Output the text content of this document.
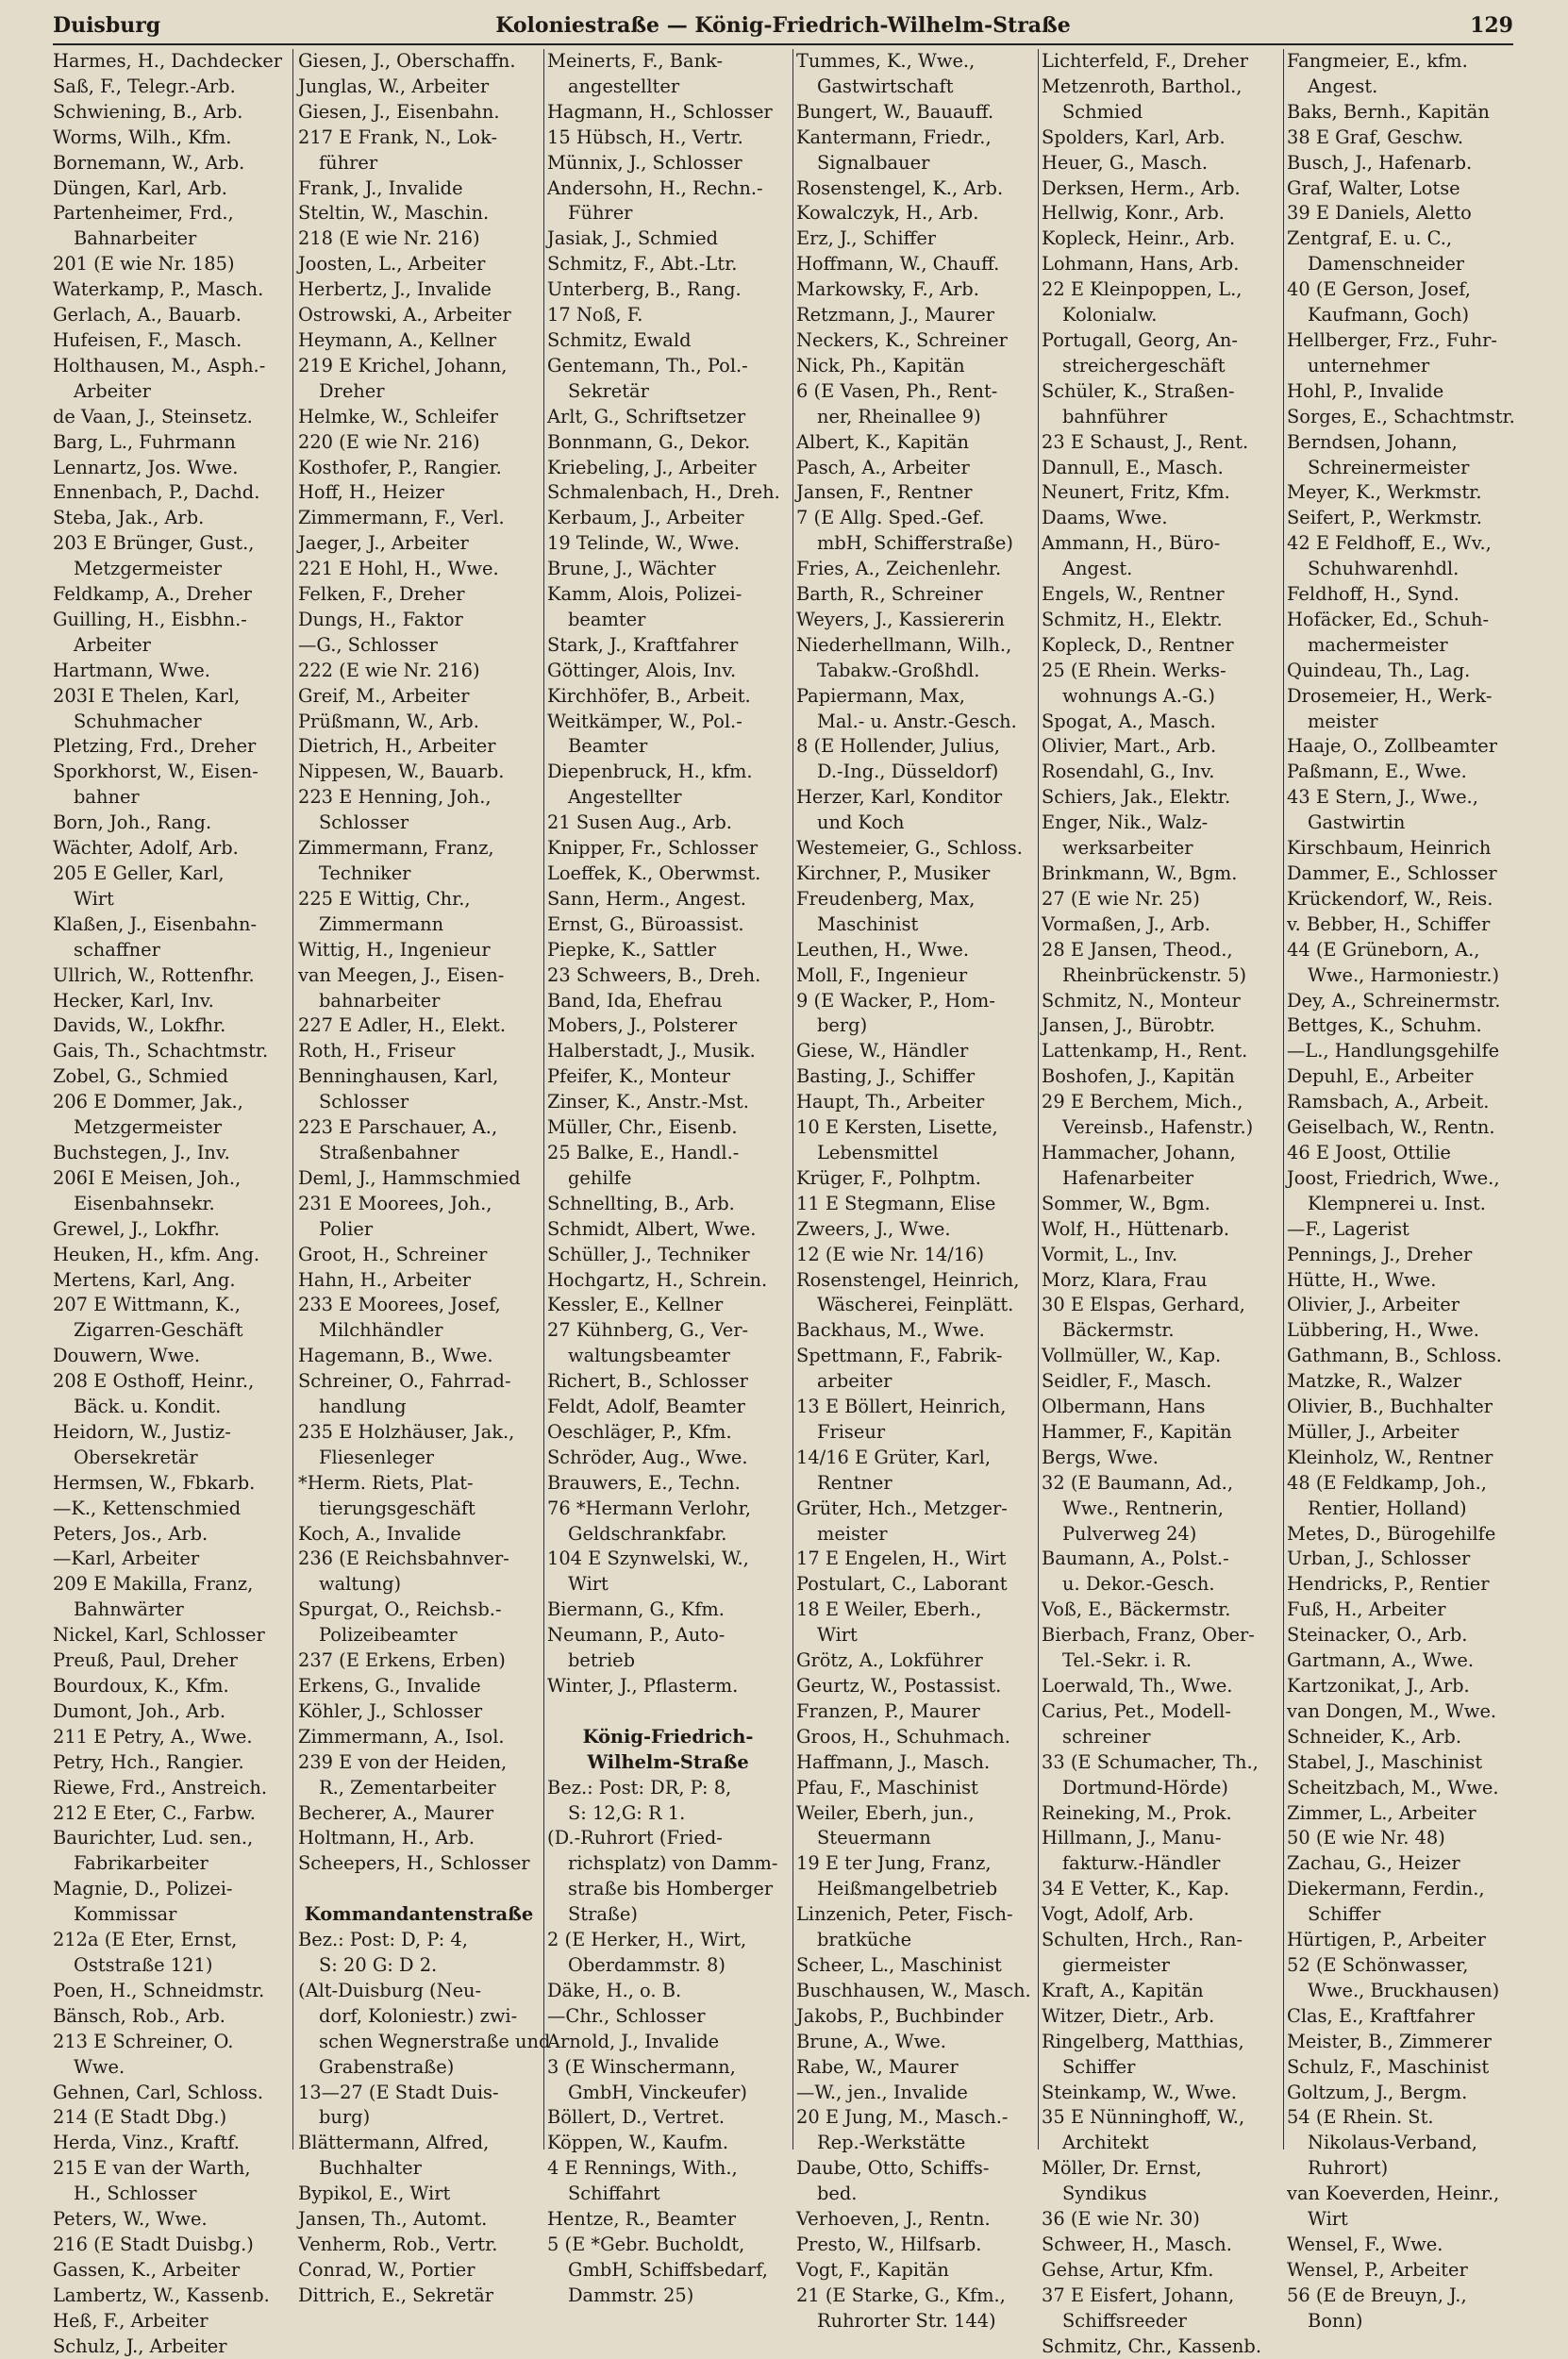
Duisburg	Koloniestraße — König-Friedrich-Wilhelm-Straße	129
Harmes, H., Dachdecker
Saß, F., Telegr.-Arb.
Schwiening, B., Arb.
Worms, Wilh., Kfm.
Bornemann, W., Arb.
Düngen, Karl, Arb.
Partenheimer, Frd.,
Bahnarbeiter
201 (E wie Nr. 185)
Waterkamp, P., Masch.
Gerlach, A., Bauarb.
Hufeisen, F., Masch.
Holthausen, M., Asph.-
Arbeiter
de Vaan, J., Steinsetz.
Barg, L., Fuhrmann
Lennartz, Jos. Wwe.
Ennenbach, P., Dachd.
Steba, Jak., Arb.
203 E Brünger, Gust.,
Metzgermeister
Feldkamp, A., Dreher
Guilling, H., Eisbhn.-
Arbeiter
Hartmann, Wwe.
203I E Thelen, Karl,
Schuhmacher
Pletzing, Frd., Dreher
Sporkhorst, W., Eisen-
bahner
Born, Joh., Rang.
Wächter, Adolf, Arb.
205 E Geller, Karl,
Wirt
Klaßen, J., Eisenbahn-
schaffner
Ullrich, W., Rottenfhr.
Hecker, Karl, Inv.
Davids, W., Lokfhr.
Gais, Th., Schachtmstr.
Zobel, G., Schmied
206 E Dommer, Jak.,
Metzgermeister
Buchstegen, J., Inv.
206I E Meisen, Joh.,
Eisenbahnsekr.
Grewel, J., Lokfhr.
Heuken, H., kfm. Ang.
Mertens, Karl, Ang.
207 E Wittmann, K.,
Zigarren-Geschäft
Douwern, Wwe.
208 E Osthoff, Heinr.,
Bäck. u. Kondit.
Heidorn, W., Justiz-
Obersekretär
Hermsen, W., Fbkarb.
—K., Kettenschmied
Peters, Jos., Arb.
—Karl, Arbeiter
209 E Makilla, Franz,
Bahnwärter
Nickel, Karl, Schlosser
Preuß, Paul, Dreher
Bourdoux, K., Kfm.
Dumont, Joh., Arb.
211 E Petry, A., Wwe.
Petry, Hch., Rangier.
Riewe, Frd., Anstreich.
212 E Eter, C., Farbw.
Baurichter, Lud. sen.,
Fabrikarbeiter
Magnie, D., Polizei-
Kommissar
212a (E Eter, Ernst,
Oststraße 121)
Poen, H., Schneidmstr.
Bänsch, Rob., Arb.
213 E Schreiner, O.
Wwe.
Gehnen, Carl, Schloss.
214 (E Stadt Dbg.)
Herda, Vinz., Kraftf.
215 E van der Warth,
H., Schlosser
Peters, W., Wwe.
216 (E Stadt Duisbg.)
Gassen, K., Arbeiter
Lambertz, W., Kassenb.
Heß, F., Arbeiter
Schulz, J., Arbeiter
Giesen, J., Oberschaffn.
Junglas, W., Arbeiter
Giesen, J., Eisenbahn.
217 E Frank, N., Lok-
führer
Frank, J., Invalide
Steltin, W., Maschin.
218 (E wie Nr. 216)
Joosten, L., Arbeiter
Herbertz, J., Invalide
Ostrowski, A., Arbeiter
Heymann, A., Kellner
219 E Krichel, Johann,
Dreher
Helmke, W., Schleifer
220 (E wie Nr. 216)
Kosthofer, P., Rangier.
Hoff, H., Heizer
Zimmermann, F., Verl.
Jaeger, J., Arbeiter
221 E Hohl, H., Wwe.
Felken, F., Dreher
Dungs, H., Faktor
—G., Schlosser
222 (E wie Nr. 216)
Greif, M., Arbeiter
Prüßmann, W., Arb.
Dietrich, H., Arbeiter
Nippesen, W., Bauarb.
223 E Henning, Joh.,
Schlosser
Zimmermann, Franz,
Techniker
225 E Wittig, Chr.,
Zimmermann
Wittig, H., Ingenieur
van Meegen, J., Eisen-
bahnarbeiter
227 E Adler, H., Elekt.
Roth, H., Friseur
Benninghausen, Karl,
Schlosser
223 E Parschauer, A.,
Straßenbahner
Deml, J., Hammschmied
231 E Moorees, Joh.,
Polier
Groot, H., Schreiner
Hahn, H., Arbeiter
233 E Moorees, Josef,
Milchhändler
Hagemann, B., Wwe.
Schreiner, O., Fahrrad-
handlung
235 E Holzhäuser, Jak.,
Fliesenleger
*Herm. Riets, Plat-
tierungsgeschäft
Koch, A., Invalide
236 (E Reichsbahnver-
waltung)
Spurgat, O., Reichsb.-
Polizeibeamter
237 (E Erkens, Erben)
Erkens, G., Invalide
Köhler, J., Schlosser
Zimmermann, A., Isol.
239 E von der Heiden,
R., Zementarbeiter
Becherer, A., Maurer
Holtmann, H., Arb.
Scheepers, H., Schlosser

Kommandantenstraße
Bez.: Post: D, P: 4,
S: 20 G: D 2.
(Alt-Duisburg (Neu-
dorf, Koloniestr.) zwi-
schen Wegnerstraße und
Grabenstraße)
13—27 (E Stadt Duis-
burg)
Blättermann, Alfred,
Buchhalter
Bypikol, E., Wirt
Jansen, Th., Automt.
Venherm, Rob., Vertr.
Conrad, W., Portier
Dittrich, E., Sekretär
Meinerts, F., Bank-
angestellter
Hagmann, H., Schlosser
15 Hübsch, H., Vertr.
Münnix, J., Schlosser
Andersohn, H., Rechn.-
Führer
Jasiak, J., Schmied
Schmitz, F., Abt.-Ltr.
Unterberg, B., Rang.
17 Noß, F.
Schmitz, Ewald
Gentemann, Th., Pol.-
Sekretär
Arlt, G., Schriftsetzer
Bonnmann, G., Dekor.
Kriebeling, J., Arbeiter
Schmalenbach, H., Dreh.
Kerbaum, J., Arbeiter
19 Telinde, W., Wwe.
Brune, J., Wächter
Kamm, Alois, Polizei-
beamter
Stark, J., Kraftfahrer
Göttinger, Alois, Inv.
Kirchhöfer, B., Arbeit.
Weitkämper, W., Pol.-
Beamter
Diepenbruck, H., kfm.
Angestellter
21 Susen Aug., Arb.
Knipper, Fr., Schlosser
Loeffek, K., Oberwmst.
Sann, Herm., Angest.
Ernst, G., Büroassist.
Piepke, K., Sattler
23 Schweers, B., Dreh.
Band, Ida, Ehefrau
Mobers, J., Polsterer
Halberstadt, J., Musik.
Pfeifer, K., Monteur
Zinser, K., Anstr.-Mst.
Müller, Chr., Eisenb.
25 Balke, E., Handl.-
gehilfe
Schnellting, B., Arb.
Schmidt, Albert, Wwe.
Schüller, J., Techniker
Hochgartz, H., Schrein.
Kessler, E., Kellner
27 Kühnberg, G., Ver-
waltungsbeamter
Richert, B., Schlosser
Feldt, Adolf, Beamter
Oeschläger, P., Kfm.
Schröder, Aug., Wwe.
Brauwers, E., Techn.
76 *Hermann Verlohr,
Geldschrankfabr.
104 E Szynwelski, W.,
Wirt
Biermann, G., Kfm.
Neumann, P., Auto-
betrieb
Winter, J., Pflasterm.

König-Friedrich-
Wilhelm-Straße
Bez.: Post: DR, P: 8,
S: 12,G: R 1.
(D.-Ruhrort (Fried-
richsplatz) von Damm-
straße bis Homberger
Straße)
2 (E Herker, H., Wirt,
Oberdammstr. 8)
Däke, H., o. B.
—Chr., Schlosser
Arnold, J., Invalide
3 (E Winschermann,
GmbH, Vinckeufer)
Böllert, D., Vertret.
Köppen, W., Kaufm.
4 E Rennings, With.,
Schiffahrt
Hentze, R., Beamter
5 (E *Gebr. Bucholdt,
GmbH, Schiffsbedarf,
Dammstr. 25)
Tummes, K., Wwe.,
Gastwirtschaft
Bungert, W., Bauauff.
Kantermann, Friedr.,
Signalbauer
Rosenstengel, K., Arb.
Kowalczyk, H., Arb.
Erz, J., Schiffer
Hoffmann, W., Chauff.
Markowsky, F., Arb.
Retzmann, J., Maurer
Neckers, K., Schreiner
Nick, Ph., Kapitän
6 (E Vasen, Ph., Rent-
ner, Rheinallee 9)
Albert, K., Kapitän
Pasch, A., Arbeiter
Jansen, F., Rentner
7 (E Allg. Sped.-Gef.
mbH, Schifferstraße)
Fries, A., Zeichenlehr.
Barth, R., Schreiner
Weyers, J., Kassiererin
Niederhellmann, Wilh.,
Tabakw.-Großhdl.
Papiermann, Max,
Mal.- u. Anstr.-Gesch.
8 (E Hollender, Julius,
D.-Ing., Düsseldorf)
Herzer, Karl, Konditor
und Koch
Westemeier, G., Schloss.
Kirchner, P., Musiker
Freudenberg, Max,
Maschinist
Leuthen, H., Wwe.
Moll, F., Ingenieur
9 (E Wacker, P., Hom-
berg)
Giese, W., Händler
Basting, J., Schiffer
Haupt, Th., Arbeiter
10 E Kersten, Lisette,
Lebensmittel
Krüger, F., Polhptm.
11 E Stegmann, Elise
Zweers, J., Wwe.
12 (E wie Nr. 14/16)
Rosenstengel, Heinrich,
Wäscherei, Feinplätt.
Backhaus, M., Wwe.
Spettmann, F., Fabrik-
arbeiter
13 E Böllert, Heinrich,
Friseur
14/16 E Grüter, Karl,
Rentner
Grüter, Hch., Metzger-
meister
17 E Engelen, H., Wirt
Postulart, C., Laborant
18 E Weiler, Eberh.,
Wirt
Grötz, A., Lokführer
Geurtz, W., Postassist.
Franzen, P., Maurer
Groos, H., Schuhmach.
Haffmann, J., Masch.
Pfau, F., Maschinist
Weiler, Eberh, jun.,
Steuermann
19 E ter Jung, Franz,
Heißmangelbetrieb
Linzenich, Peter, Fisch-
bratküche
Scheer, L., Maschinist
Buschhausen, W., Masch.
Jakobs, P., Buchbinder
Brune, A., Wwe.
Rabe, W., Maurer
—W., jen., Invalide
20 E Jung, M., Masch.-
Rep.-Werkstätte
Daube, Otto, Schiffs-
bed.
Verhoeven, J., Rentn.
Presto, W., Hilfsarb.
Vogt, F., Kapitän
21 (E Starke, G., Kfm.,
Ruhrorter Str. 144)
Lichterfeld, F., Dreher
Metzenroth, Barthol.,
Schmied
Spolders, Karl, Arb.
Heuer, G., Masch.
Derksen, Herm., Arb.
Hellwig, Konr., Arb.
Kopleck, Heinr., Arb.
Lohmann, Hans, Arb.
22 E Kleinpoppen, L.,
Kolonialw.
Portugall, Georg, An-
streichergeschäft
Schüler, K., Straßen-
bahnführer
23 E Schaust, J., Rent.
Dannull, E., Masch.
Neunert, Fritz, Kfm.
Daams, Wwe.
Ammann, H., Büro-
Angest.
Engels, W., Rentner
Schmitz, H., Elektr.
Kopleck, D., Rentner
25 (E Rhein. Werks-
wohnungs A.-G.)
Spogat, A., Masch.
Olivier, Mart., Arb.
Rosendahl, G., Inv.
Schiers, Jak., Elektr.
Enger, Nik., Walz-
werksarbeiter
Brinkmann, W., Bgm.
27 (E wie Nr. 25)
Vormaßen, J., Arb.
28 E Jansen, Theod.,
Rheinbrückenstr. 5)
Schmitz, N., Monteur
Jansen, J., Bürobtr.
Lattenkamp, H., Rent.
Boshofen, J., Kapitän
29 E Berchem, Mich.,
Vereinsb., Hafenstr.)
Hammacher, Johann,
Hafenarbeiter
Sommer, W., Bgm.
Wolf, H., Hüttenarb.
Vormit, L., Inv.
Morz, Klara, Frau
30 E Elspas, Gerhard,
Bäckermstr.
Vollmüller, W., Kap.
Seidler, F., Masch.
Olbermann, Hans
Hammer, F., Kapitän
Bergs, Wwe.
32 (E Baumann, Ad.,
Wwe., Rentnerin,
Pulverweg 24)
Baumann, A., Polst.-
u. Dekor.-Gesch.
Voß, E., Bäckermstr.
Bierbach, Franz, Ober-
Tel.-Sekr. i. R.
Loerwald, Th., Wwe.
Carius, Pet., Modell-
schreiner
33 (E Schumacher, Th.,
Dortmund-Hörde)
Reineking, M., Prok.
Hillmann, J., Manu-
fakturw.-Händler
34 E Vetter, K., Kap.
Vogt, Adolf, Arb.
Schulten, Hrch., Ran-
giermeister
Kraft, A., Kapitän
Witzer, Dietr., Arb.
Ringelberg, Matthias,
Schiffer
Steinkamp, W., Wwe.
35 E Nünninghoff, W.,
Architekt
Möller, Dr. Ernst,
Syndikus
36 (E wie Nr. 30)
Schweer, H., Masch.
Gehse, Artur, Kfm.
37 E Eisfert, Johann,
Schiffsreeder
Schmitz, Chr., Kassenb.
Fangmeier, E., kfm.
Angest.
Baks, Bernh., Kapitän
38 E Graf, Geschw.
Busch, J., Hafenarb.
Graf, Walter, Lotse
39 E Daniels, Aletto
Zentgraf, E. u. C.,
Damenschneider
40 (E Gerson, Josef,
Kaufmann, Goch)
Hellberger, Frz., Fuhr-
unternehmer
Hohl, P., Invalide
Sorges, E., Schachtmstr.
Berndsen, Johann,
Schreinermeister
Meyer, K., Werkmstr.
Seifert, P., Werkmstr.
42 E Feldhoff, E., Wv.,
Schuhwarenhdl.
Feldhoff, H., Synd.
Hofäcker, Ed., Schuh-
machermeister
Quindeau, Th., Lag.
Drosemeier, H., Werk-
meister
Haaje, O., Zollbeamter
Paßmann, E., Wwe.
43 E Stern, J., Wwe.,
Gastwirtin
Kirschbaum, Heinrich
Dammer, E., Schlosser
Krückendorf, W., Reis.
v. Bebber, H., Schiffer
44 (E Grüneborn, A.,
Wwe., Harmoniestr.)
Dey, A., Schreinermstr.
Bettges, K., Schuhm.
—L., Handlungsgehilfe
Depuhl, E., Arbeiter
Ramsbach, A., Arbeit.
Geiselbach, W., Rentn.
46 E Joost, Ottilie
Joost, Friedrich, Wwe.,
Klempnerei u. Inst.
—F., Lagerist
Pennings, J., Dreher
Hütte, H., Wwe.
Olivier, J., Arbeiter
Lübbering, H., Wwe.
Gathmann, B., Schloss.
Matzke, R., Walzer
Olivier, B., Buchhalter
Müller, J., Arbeiter
Kleinholz, W., Rentner
48 (E Feldkamp, Joh.,
Rentier, Holland)
Metes, D., Bürogehilfe
Urban, J., Schlosser
Hendricks, P., Rentier
Fuß, H., Arbeiter
Steinacker, O., Arb.
Gartmann, A., Wwe.
Kartzonikat, J., Arb.
van Dongen, M., Wwe.
Schneider, K., Arb.
Stabel, J., Maschinist
Scheitzbach, M., Wwe.
Zimmer, L., Arbeiter
50 (E wie Nr. 48)
Zachau, G., Heizer
Diekermann, Ferdin.,
Schiffer
Hürtigen, P., Arbeiter
52 (E Schönwasser,
Wwe., Bruckhausen)
Clas, E., Kraftfahrer
Meister, B., Zimmerer
Schulz, F., Maschinist
Goltzum, J., Bergm.
54 (E Rhein. St.
Nikolaus-Verband,
Ruhrort)
van Koeverden, Heinr.,
Wirt
Wensel, F., Wwe.
Wensel, P., Arbeiter
56 (E de Breuyn, J.,
Bonn)
